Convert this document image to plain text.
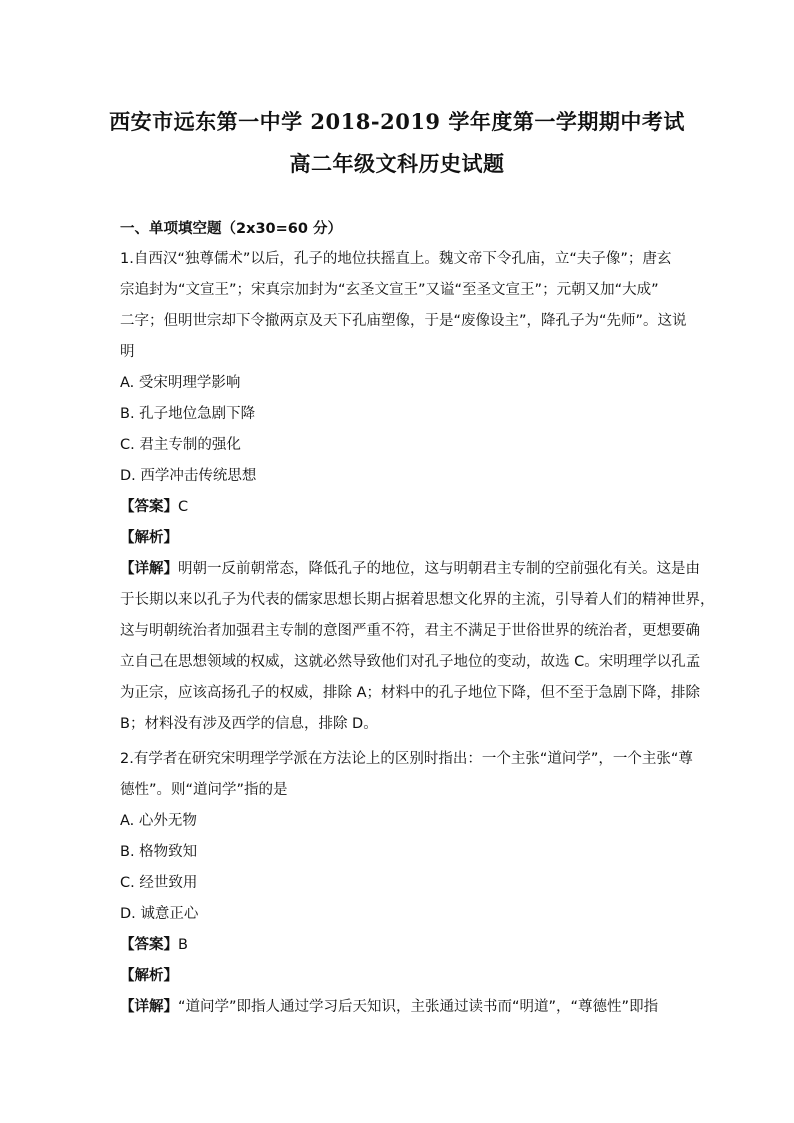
西安市远东第一中学 2018-2019 学年度第一学期期中考试
高二年级文科历史试题
一、单项填空题（2x30=60 分）
1.自西汉“独尊儒术”以后，孔子的地位扶摇直上。魏文帝下令孔庙，立“夫子像”；唐玄
宗追封为“文宣王”；宋真宗加封为“玄圣文宣王”又谥“至圣文宣王”；元朝又加“大成”
二字；但明世宗却下令撤两京及天下孔庙塑像，于是“废像设主”，降孔子为“先师”。这说
明
A. 受宋明理学影响
B. 孔子地位急剧下降
C. 君主专制的强化
D. 西学冲击传统思想
【答案】C
【解析】
【详解】明朝一反前朝常态，降低孔子的地位，这与明朝君主专制的空前强化有关。这是由
于长期以来以孔子为代表的儒家思想长期占据着思想文化界的主流，引导着人们的精神世界，
这与明朝统治者加强君主专制的意图严重不符，君主不满足于世俗世界的统治者，更想要确
立自己在思想领域的权威，这就必然导致他们对孔子地位的变动，故选 C。宋明理学以孔孟
为正宗，应该高扬孔子的权威，排除 A；材料中的孔子地位下降，但不至于急剧下降，排除
B；材料没有涉及西学的信息，排除 D。
2.有学者在研究宋明理学学派在方法论上的区别时指出：一个主张“道问学”，一个主张“尊
德性”。则“道问学”指的是
A. 心外无物
B. 格物致知
C. 经世致用
D. 诚意正心
【答案】B
【解析】
【详解】“道问学”即指人通过学习后天知识，主张通过读书而“明道”，“尊德性”即指
